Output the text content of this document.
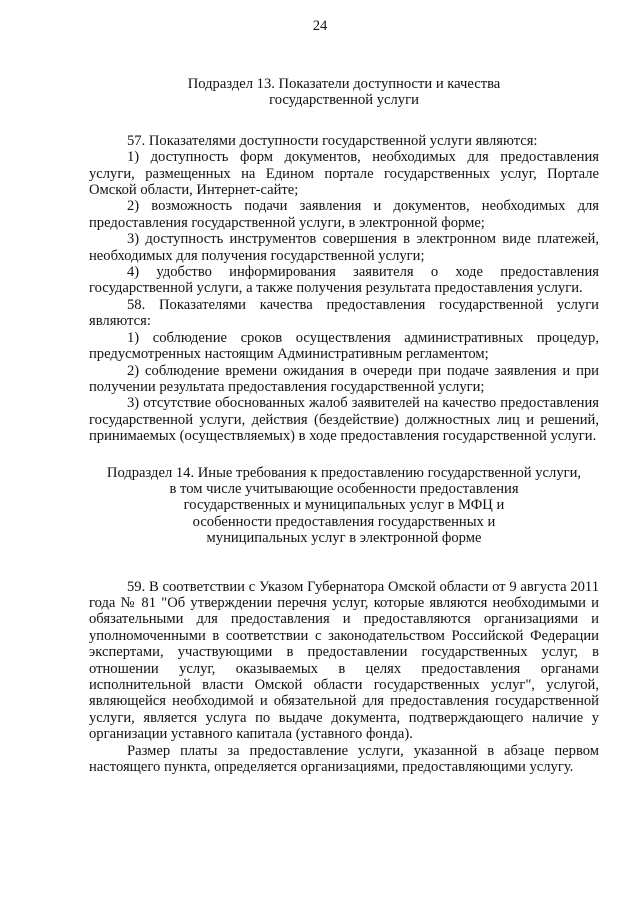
24
Подраздел 13. Показатели доступности и качества
государственной услуги

57. Показателями доступности государственной услуги являются:

1) доступность форм документов, необходимых для предоставления услуги, размещенных на Едином портале государственных услуг, Портале Омской области, Интернет-сайте;

2) возможность подачи заявления и документов, необходимых для предоставления государственной услуги, в электронной форме;

3) доступность инструментов совершения в электронном виде платежей, необходимых для получения государственной услуги;

4) удобство информирования заявителя о ходе предоставления государственной услуги, а также получения результата предоставления услуги.

58. Показателями качества предоставления государственной услуги являются:

1) соблюдение сроков осуществления административных процедур, предусмотренных настоящим Административным регламентом;

2) соблюдение времени ожидания в очереди при подаче заявления и при получении результата предоставления государственной услуги;

3) отсутствие обоснованных жалоб заявителей на качество предоставления государственной услуги, действия (бездействие) должностных лиц и решений, принимаемых (осуществляемых) в ходе предоставления государственной услуги.

Подраздел 14. Иные требования к предоставлению государственной услуги,
в том числе учитывающие особенности предоставления
государственных и муниципальных услуг в МФЦ и
особенности предоставления государственных и
муниципальных услуг в электронной форме

59. В соответствии с Указом Губернатора Омской области от 9 августа 2011 года № 81 "Об утверждении перечня услуг, которые являются необходимыми и обязательными для предоставления и предоставляются организациями и уполномоченными в соответствии с законодательством Российской Федерации экспертами, участвующими в предоставлении государственных услуг, в отношении услуг, оказываемых в целях предоставления органами исполнительной власти Омской области государственных услуг", услугой, являющейся необходимой и обязательной для предоставления государственной услуги, является услуга по выдаче документа, подтверждающего наличие у организации уставного капитала (уставного фонда).

Размер платы за предоставление услуги, указанной в абзаце первом настоящего пункта, определяется организациями, предоставляющими услугу.
